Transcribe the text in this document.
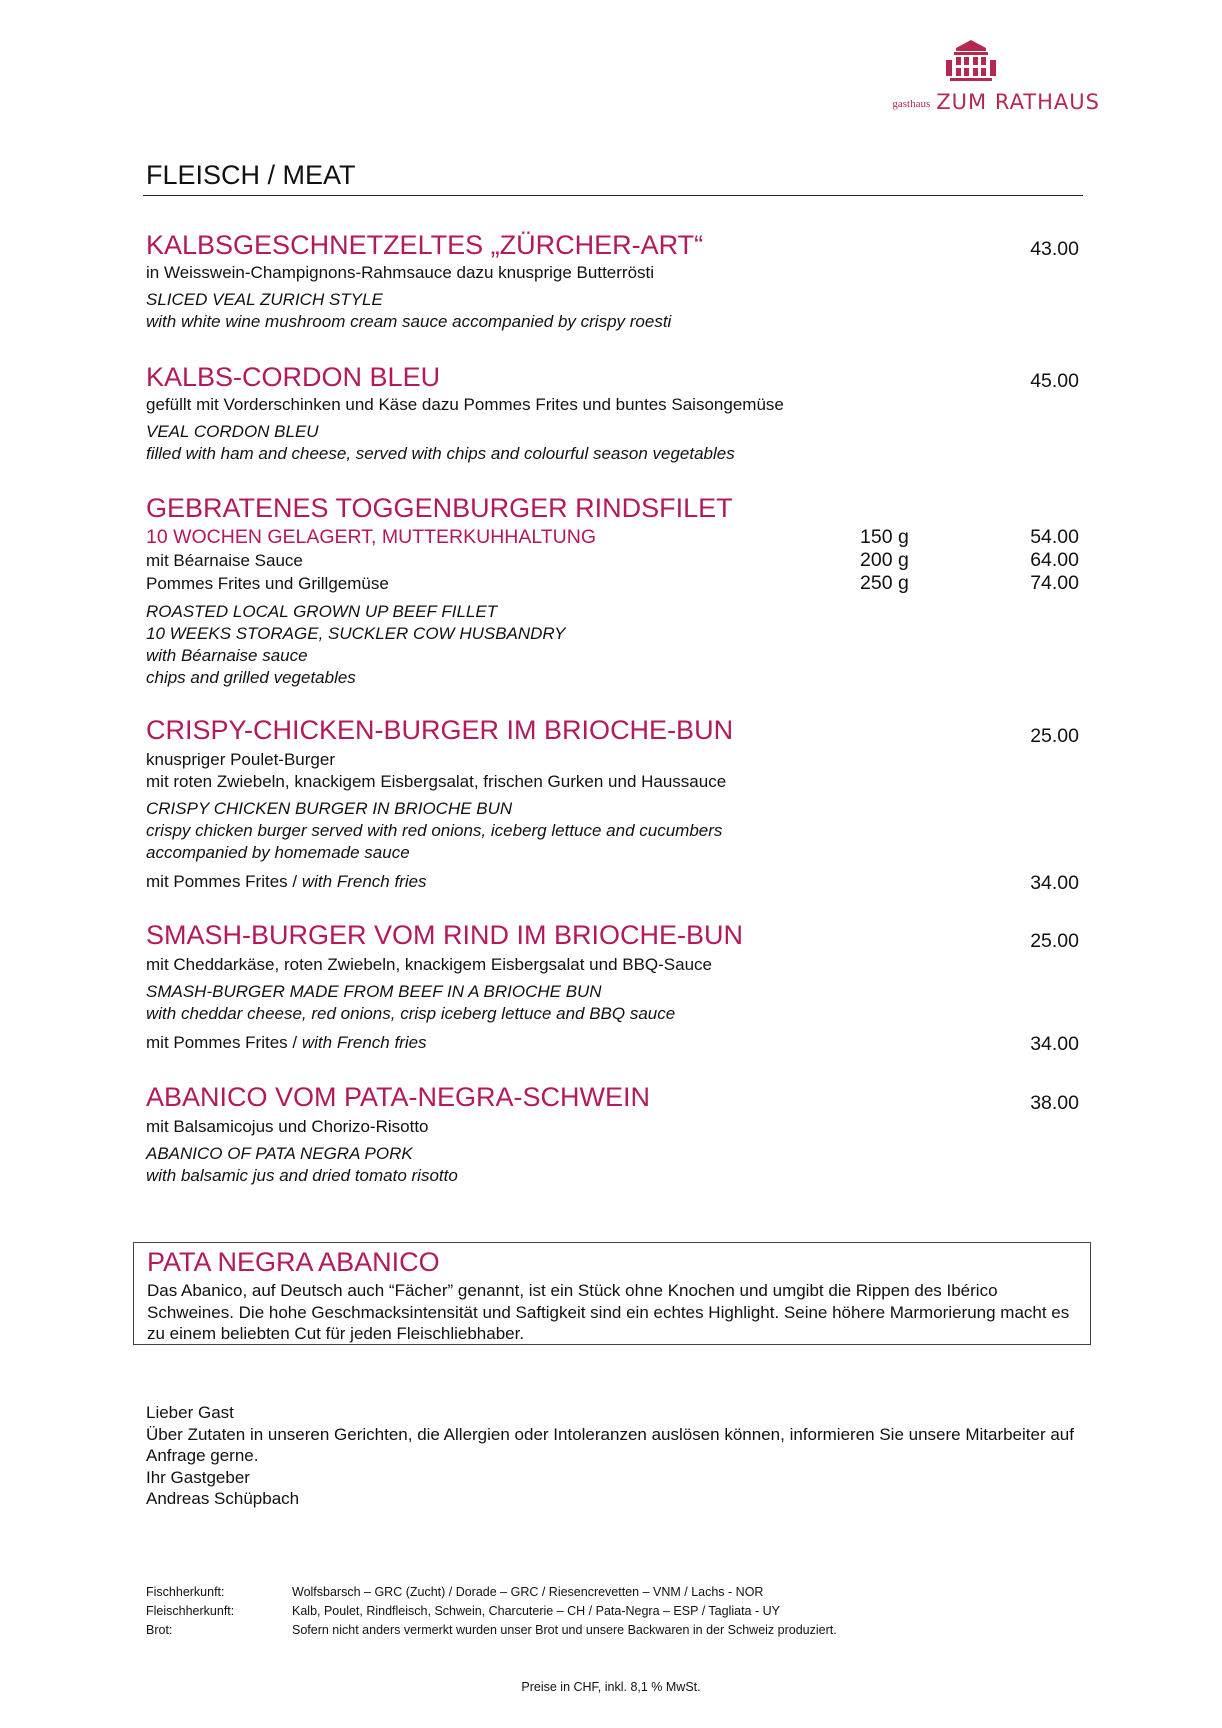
gasthaus ZUM RATHAUS
FLEISCH / MEAT
KALBSGESCHNETZELTES „ZÜRCHER-ART“	43.00
in Weisswein-Champignons-Rahmsauce dazu knusprige Butterrösti
SLICED VEAL ZURICH STYLE
with white wine mushroom cream sauce accompanied by crispy roesti
KALBS-CORDON BLEU	45.00
gefüllt mit Vorderschinken und Käse dazu Pommes Frites und buntes Saisongemüse
VEAL CORDON BLEU
filled with ham and cheese, served with chips and colourful season vegetables
GEBRATENES TOGGENBURGER RINDSFILET
10 WOCHEN GELAGERT, MUTTERKUHHALTUNG	150 g	54.00
mit Béarnaise Sauce	200 g	64.00
Pommes Frites und Grillgemüse	250 g	74.00
ROASTED LOCAL GROWN UP BEEF FILLET
10 WEEKS STORAGE, SUCKLER COW HUSBANDRY
with Béarnaise sauce
chips and grilled vegetables
CRISPY-CHICKEN-BURGER IM BRIOCHE-BUN	25.00
knuspriger Poulet-Burger
mit roten Zwiebeln, knackigem Eisbergsalat, frischen Gurken und Haussauce
CRISPY CHICKEN BURGER IN BRIOCHE BUN
crispy chicken burger served with red onions, iceberg lettuce and cucumbers
accompanied by homemade sauce
mit Pommes Frites / with French fries	34.00
SMASH-BURGER VOM RIND IM BRIOCHE-BUN	25.00
mit Cheddarkäse, roten Zwiebeln, knackigem Eisbergsalat und BBQ-Sauce
SMASH-BURGER MADE FROM BEEF IN A BRIOCHE BUN
with cheddar cheese, red onions, crisp iceberg lettuce and BBQ sauce
mit Pommes Frites / with French fries	34.00
ABANICO VOM PATA-NEGRA-SCHWEIN	38.00
mit Balsamicojus und Chorizo-Risotto
ABANICO OF PATA NEGRA PORK
with balsamic jus and dried tomato risotto
PATA NEGRA ABANICO
Das Abanico, auf Deutsch auch “Fächer” genannt, ist ein Stück ohne Knochen und umgibt die Rippen des Ibérico Schweines. Die hohe Geschmacksintensität und Saftigkeit sind ein echtes Highlight. Seine höhere Marmorierung macht es zu einem beliebten Cut für jeden Fleischliebhaber.
Lieber Gast
Über Zutaten in unseren Gerichten, die Allergien oder Intoleranzen auslösen können, informieren Sie unsere Mitarbeiter auf Anfrage gerne.
Ihr Gastgeber
Andreas Schüpbach
Fischherkunft:	Wolfsbarsch – GRC (Zucht) / Dorade – GRC / Riesencrevetten – VNM / Lachs - NOR
Fleischherkunft:	Kalb, Poulet, Rindfleisch, Schwein, Charcuterie – CH / Pata-Negra – ESP / Tagliata - UY
Brot:	Sofern nicht anders vermerkt wurden unser Brot und unsere Backwaren in der Schweiz produziert.
Preise in CHF, inkl. 8,1 % MwSt.
